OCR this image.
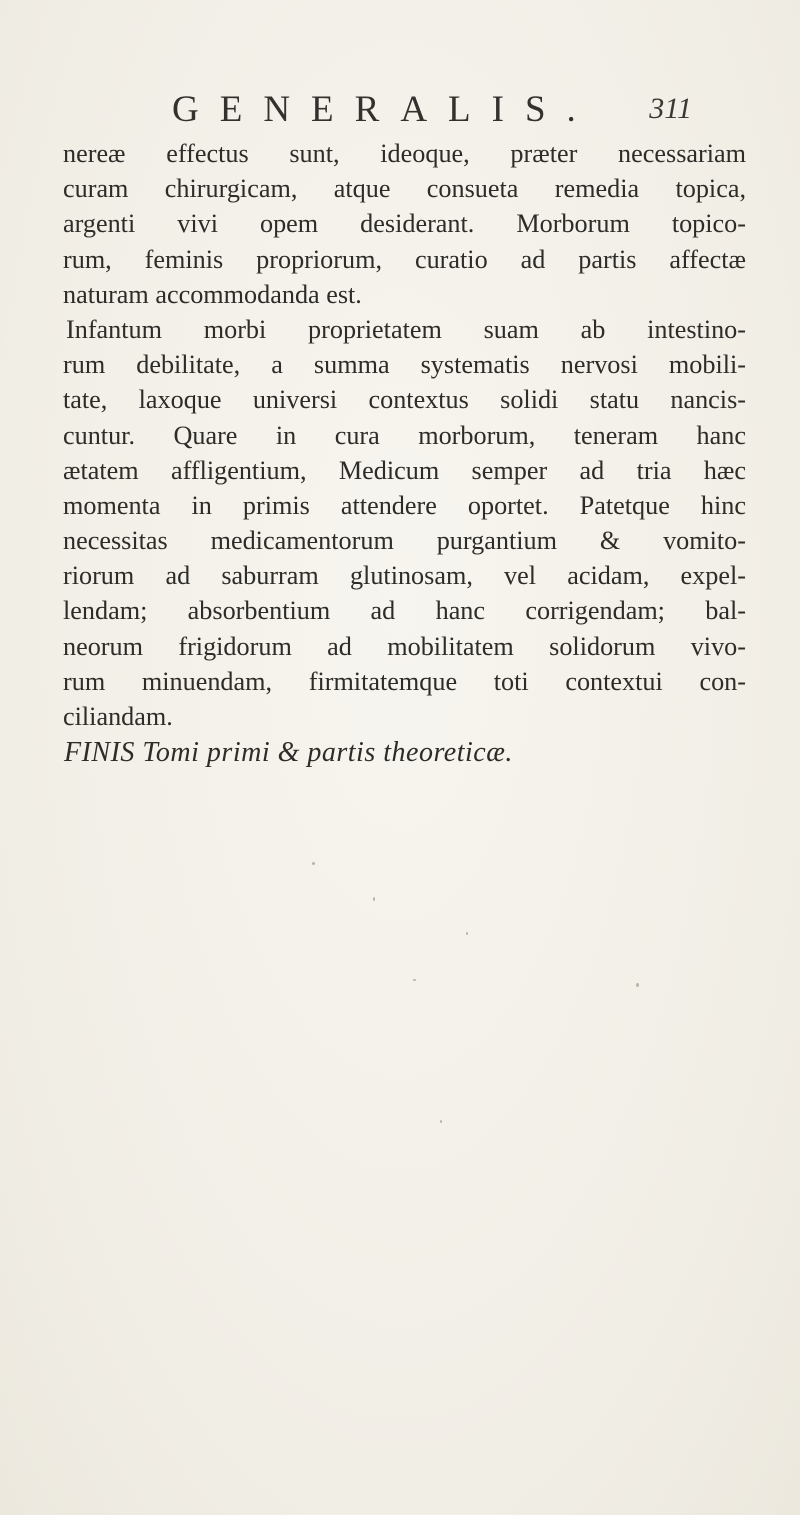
GENERALIS. 311
nereæ effectus sunt, ideoque, præter necessariam
curam chirurgicam, atque consueta remedia topica,
argenti vivi opem desiderant. Morborum topico-
rum, feminis propriorum, curatio ad partis affectæ
naturam accommodanda est.
Infantum morbi proprietatem suam ab intestino-
rum debilitate, a summa systematis nervosi mobili-
tate, laxoque universi contextus solidi statu nancis-
cuntur. Quare in cura morborum, teneram hanc
ætatem affligentium, Medicum semper ad tria hæc
momenta in primis attendere oportet. Patetque hinc
necessitas medicamentorum purgantium & vomito-
riorum ad saburram glutinosam, vel acidam, expel-
lendam; absorbentium ad hanc corrigendam; bal-
neorum frigidorum ad mobilitatem solidorum vivo-
rum minuendam, firmitatemque toti contextui con-
ciliandam.
FINIS Tomi primi & partis theoreticæ.
